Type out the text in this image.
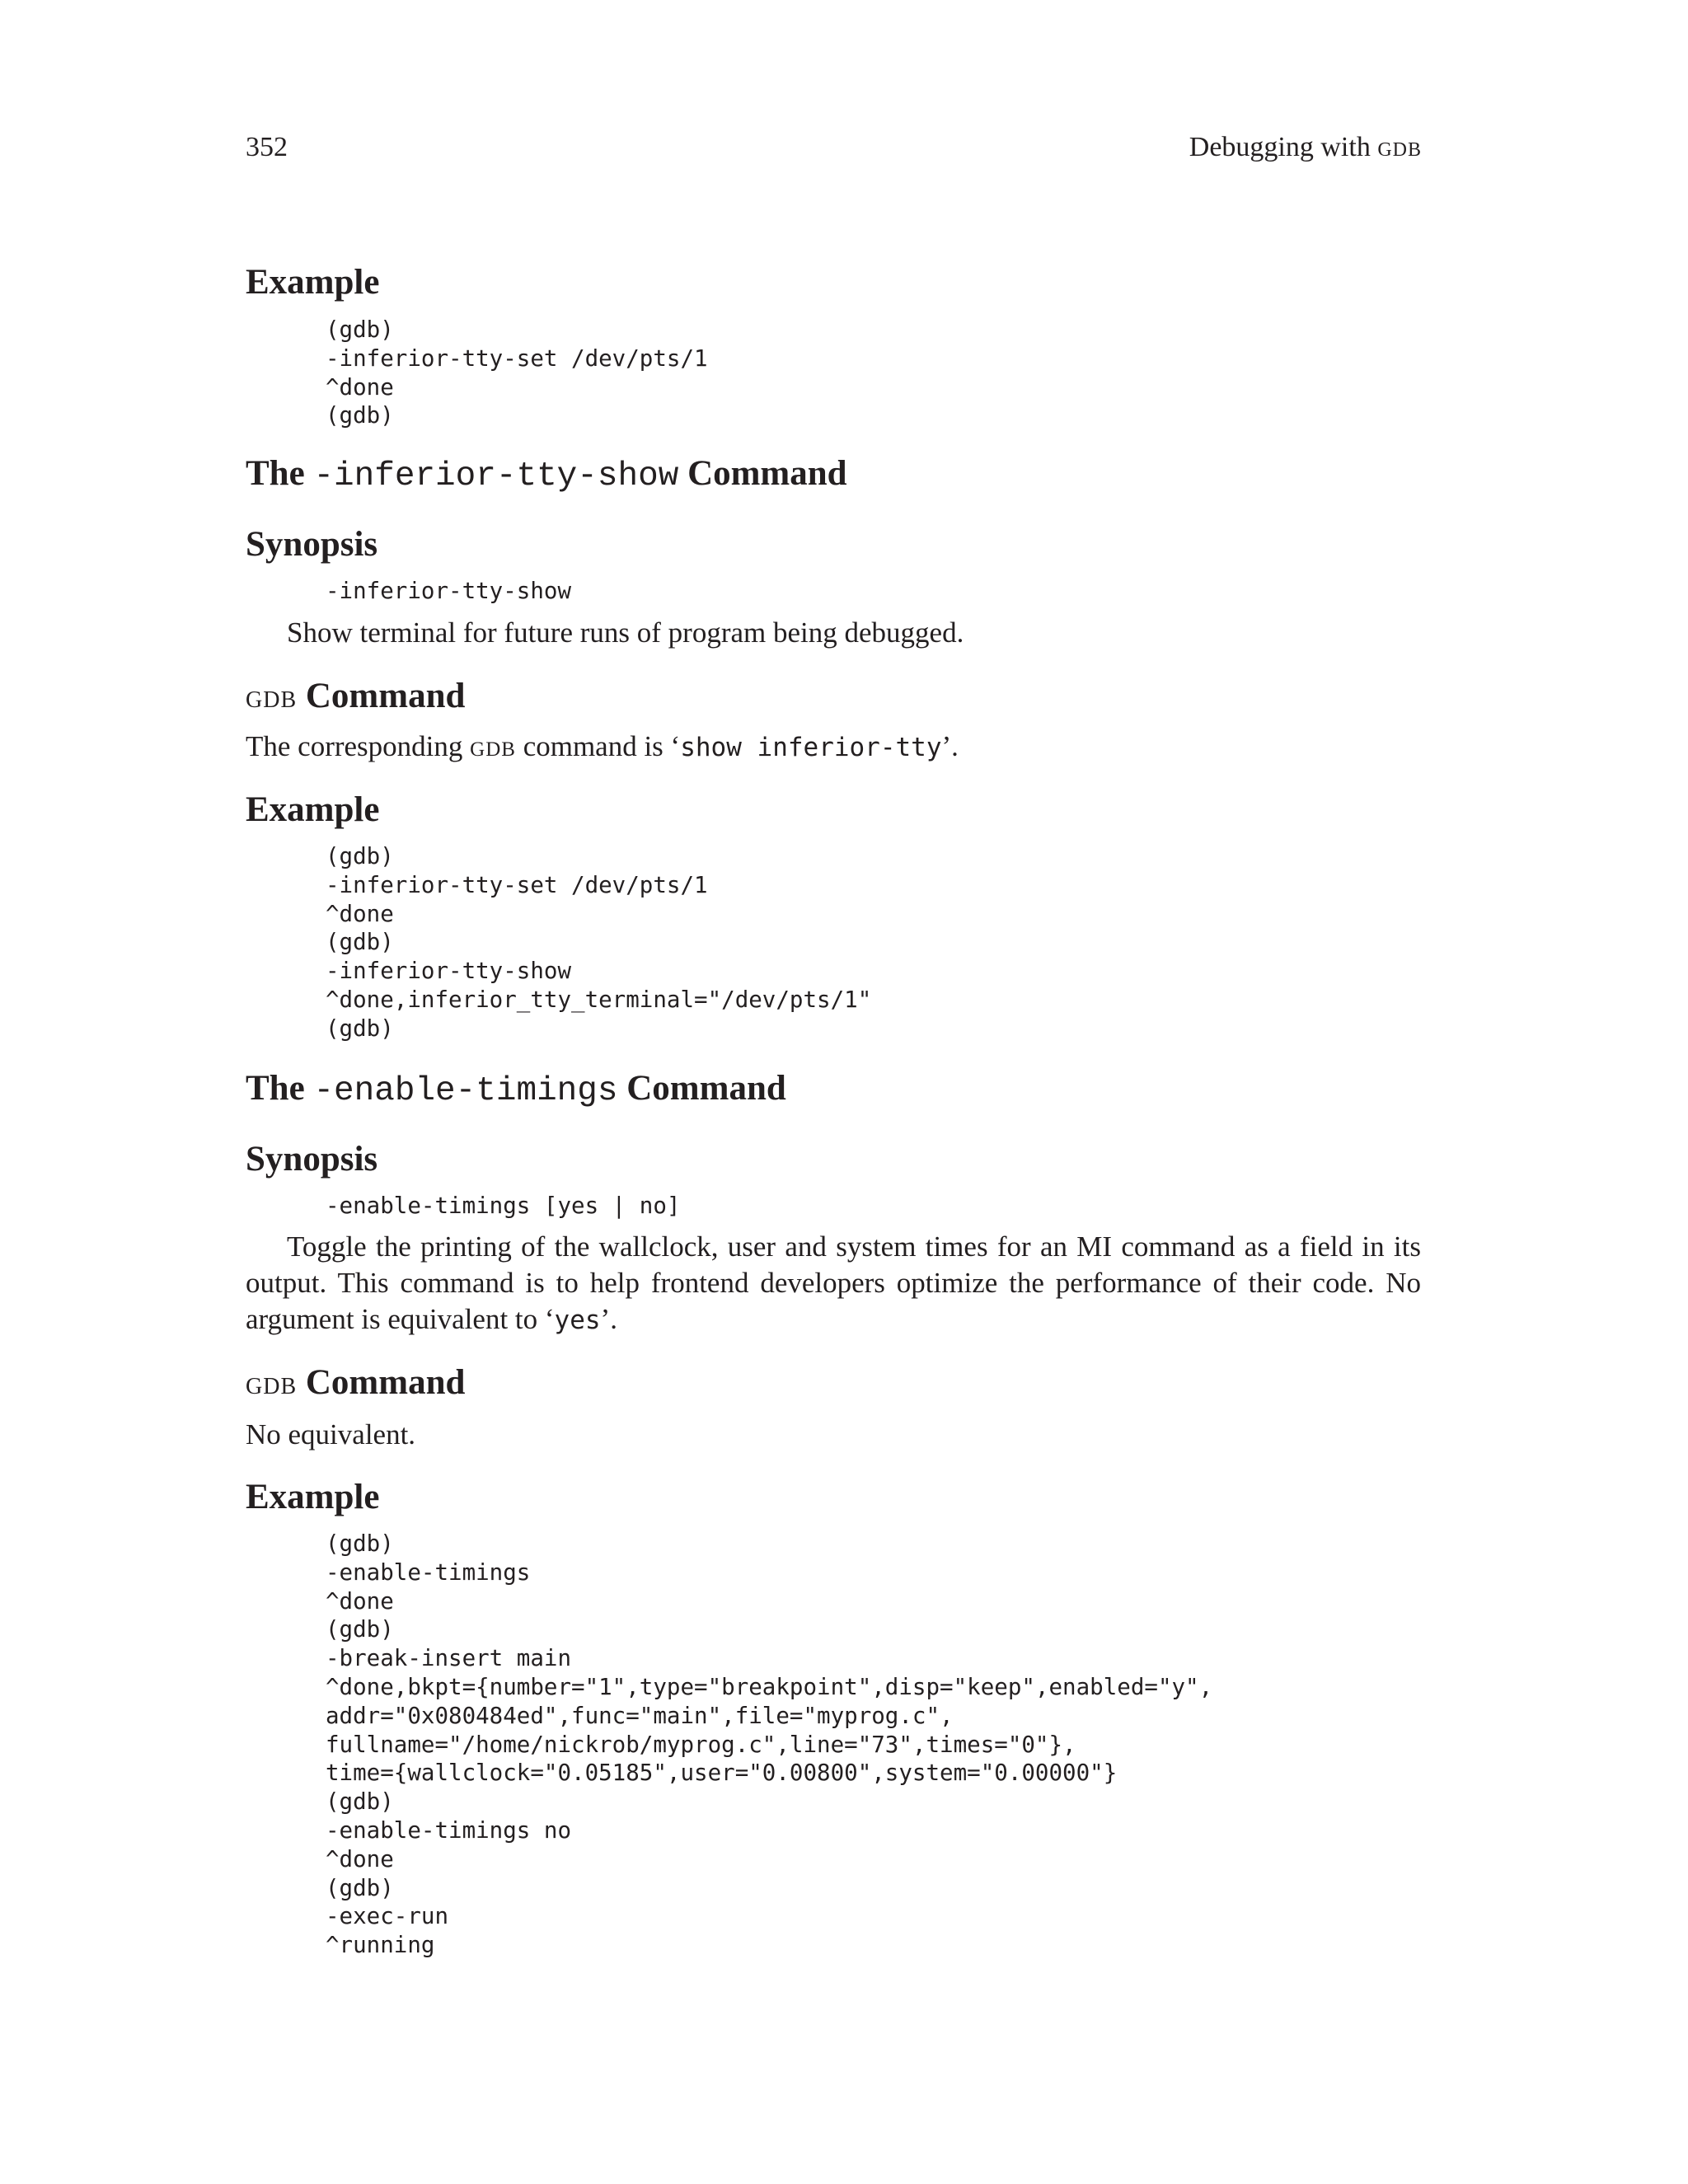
352	Debugging with gdb
Example
(gdb)
-inferior-tty-set /dev/pts/1
^done
(gdb)
The -inferior-tty-show Command
Synopsis
-inferior-tty-show

Show terminal for future runs of program being debugged.

gdb Command

The corresponding gdb command is ‘show inferior-tty’.

Example
(gdb)
-inferior-tty-set /dev/pts/1
^done
(gdb)
-inferior-tty-show
^done,inferior_tty_terminal="/dev/pts/1"
(gdb)
The -enable-timings Command
Synopsis
-enable-timings [yes | no]

Toggle the printing of the wallclock, user and system times for an MI command as a field in its output. This command is to help frontend developers optimize the performance of their code. No argument is equivalent to ‘yes’.

gdb Command

No equivalent.

Example
(gdb)
-enable-timings
^done
(gdb)
-break-insert main
^done,bkpt={number="1",type="breakpoint",disp="keep",enabled="y",
addr="0x080484ed",func="main",file="myprog.c",
fullname="/home/nickrob/myprog.c",line="73",times="0"},
time={wallclock="0.05185",user="0.00800",system="0.00000"}
(gdb)
-enable-timings no
^done
(gdb)
-exec-run
^running
